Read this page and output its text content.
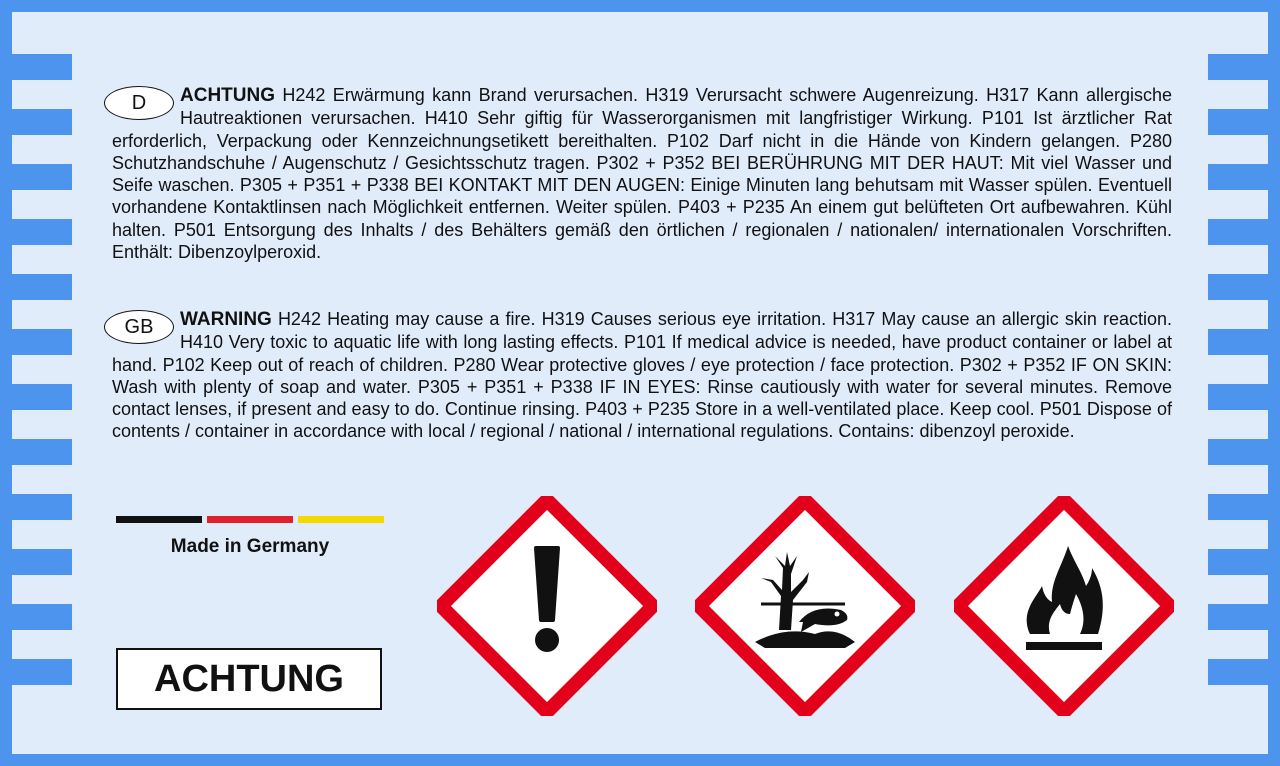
D	ACHTUNG H242 Erwärmung kann Brand verursachen. H319 Verursacht schwere Augenreizung. H317 Kann allergische Hautreaktionen verursachen. H410 Sehr giftig für Wasserorganismen mit langfristiger Wirkung. P101 Ist ärztlicher Rat erforderlich, Verpackung oder Kennzeichnungsetikett bereithalten. P102 Darf nicht in die Hände von Kindern gelangen. P280 Schutzhandschuhe / Augenschutz / Gesichtsschutz tragen. P302 + P352 BEI BERÜHRUNG MIT DER HAUT: Mit viel Wasser und Seife waschen. P305 + P351 + P338 BEI KONTAKT MIT DEN AUGEN: Einige Minuten lang behutsam mit Wasser spülen. Eventuell vorhandene Kontaktlinsen nach Möglichkeit entfernen. Weiter spülen. P403 + P235 An einem gut belüfteten Ort aufbewahren. Kühl halten. P501 Entsorgung des Inhalts / des Behälters gemäß den örtlichen / regionalen / nationalen/ internationalen Vorschriften. Enthält: Dibenzoylperoxid.
GB	WARNING H242 Heating may cause a fire. H319 Causes serious eye irritation. H317 May cause an allergic skin reaction. H410 Very toxic to aquatic life with long lasting effects. P101 If medical advice is needed, have product container or label at hand. P102 Keep out of reach of children. P280 Wear protective gloves / eye protection / face protection. P302 + P352 IF ON SKIN: Wash with plenty of soap and water. P305 + P351 + P338 IF IN EYES: Rinse cautiously with water for several minutes. Remove contact lenses, if present and easy to do. Continue rinsing. P403 + P235 Store in a well-ventilated place. Keep cool. P501 Dispose of contents / container in accordance with local / regional / national / international regulations. Contains: dibenzoyl peroxide.
Made in Germany
ACHTUNG
